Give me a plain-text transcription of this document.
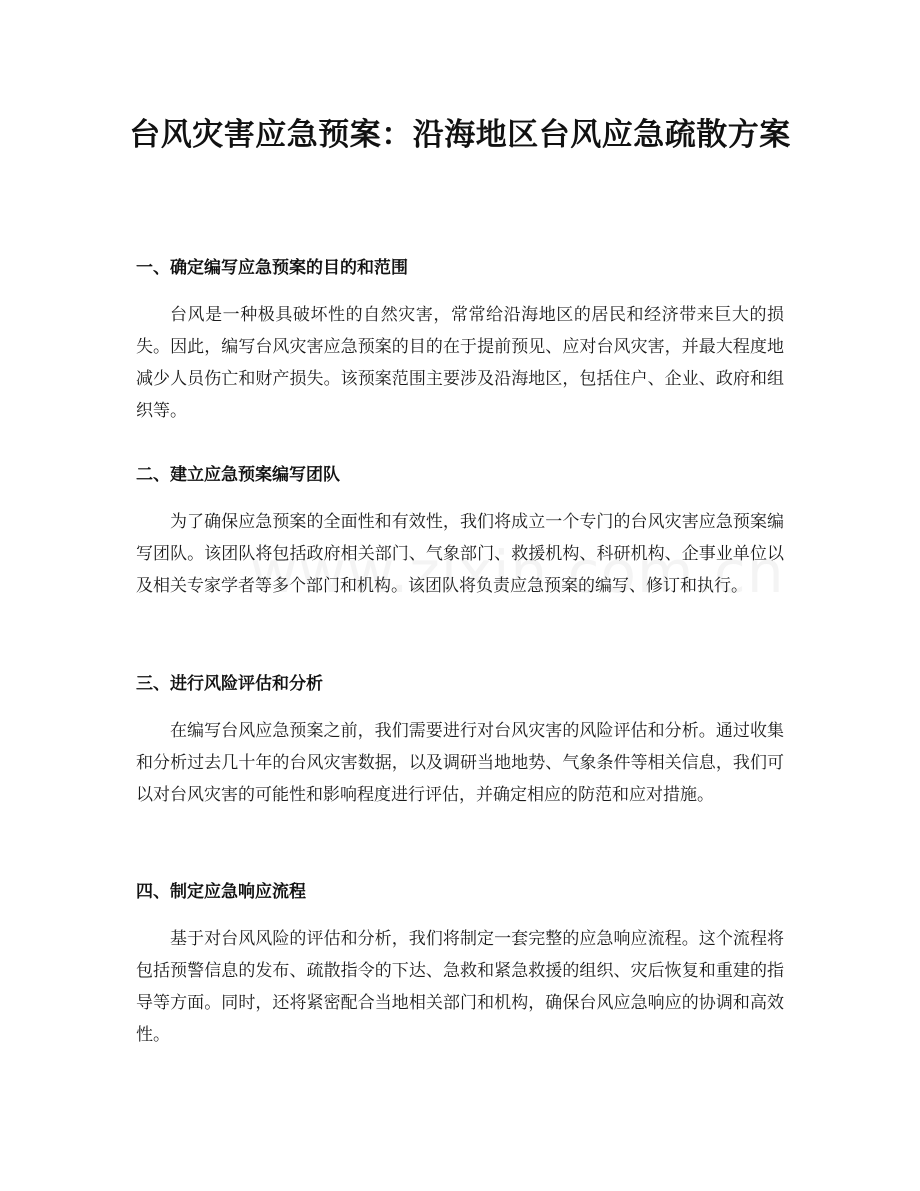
台风灾害应急预案：沿海地区台风应急疏散方案
一、确定编写应急预案的目的和范围

台风是一种极具破坏性的自然灾害，常常给沿海地区的居民和经济带来巨大的损失。因此，编写台风灾害应急预案的目的在于提前预见、应对台风灾害，并最大程度地减少人员伤亡和财产损失。该预案范围主要涉及沿海地区，包括住户、企业、政府和组织等。

二、建立应急预案编写团队

为了确保应急预案的全面性和有效性，我们将成立一个专门的台风灾害应急预案编写团队。该团队将包括政府相关部门、气象部门、救援机构、科研机构、企事业单位以及相关专家学者等多个部门和机构。该团队将负责应急预案的编写、修订和执行。

三、进行风险评估和分析

在编写台风应急预案之前，我们需要进行对台风灾害的风险评估和分析。通过收集和分析过去几十年的台风灾害数据，以及调研当地地势、气象条件等相关信息，我们可以对台风灾害的可能性和影响程度进行评估，并确定相应的防范和应对措施。

四、制定应急响应流程

基于对台风风险的评估和分析，我们将制定一套完整的应急响应流程。这个流程将包括预警信息的发布、疏散指令的下达、急救和紧急救援的组织、灾后恢复和重建的指导等方面。同时，还将紧密配合当地相关部门和机构，确保台风应急响应的协调和高效性。
